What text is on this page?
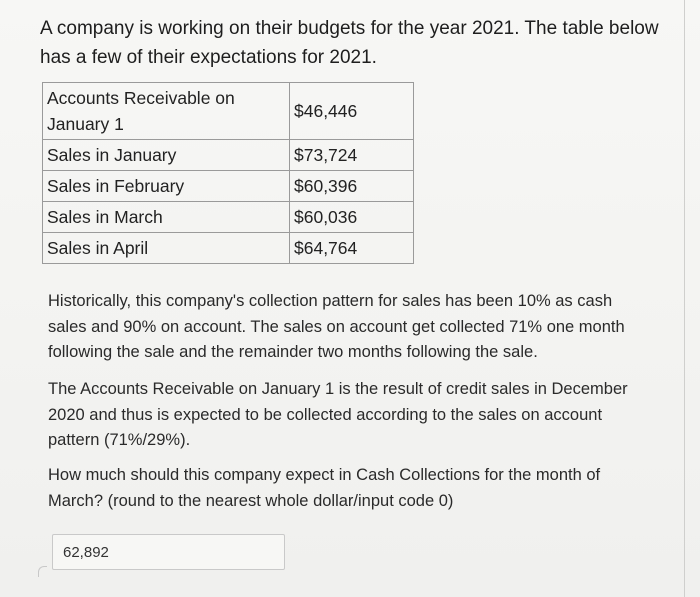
A company is working on their budgets for the year 2021. The table below has a few of their expectations for 2021.

Accounts Receivable on January 1	$46,446
Sales in January	$73,724
Sales in February	$60,396
Sales in March	$60,036
Sales in April	$64,764

Historically, this company's collection pattern for sales has been 10% as cash sales and 90% on account. The sales on account get collected 71% one month following the sale and the remainder two months following the sale.

The Accounts Receivable on January 1 is the result of credit sales in December 2020 and thus is expected to be collected according to the sales on account pattern (71%/29%).

How much should this company expect in Cash Collections for the month of March? (round to the nearest whole dollar/input code 0)

62,892
